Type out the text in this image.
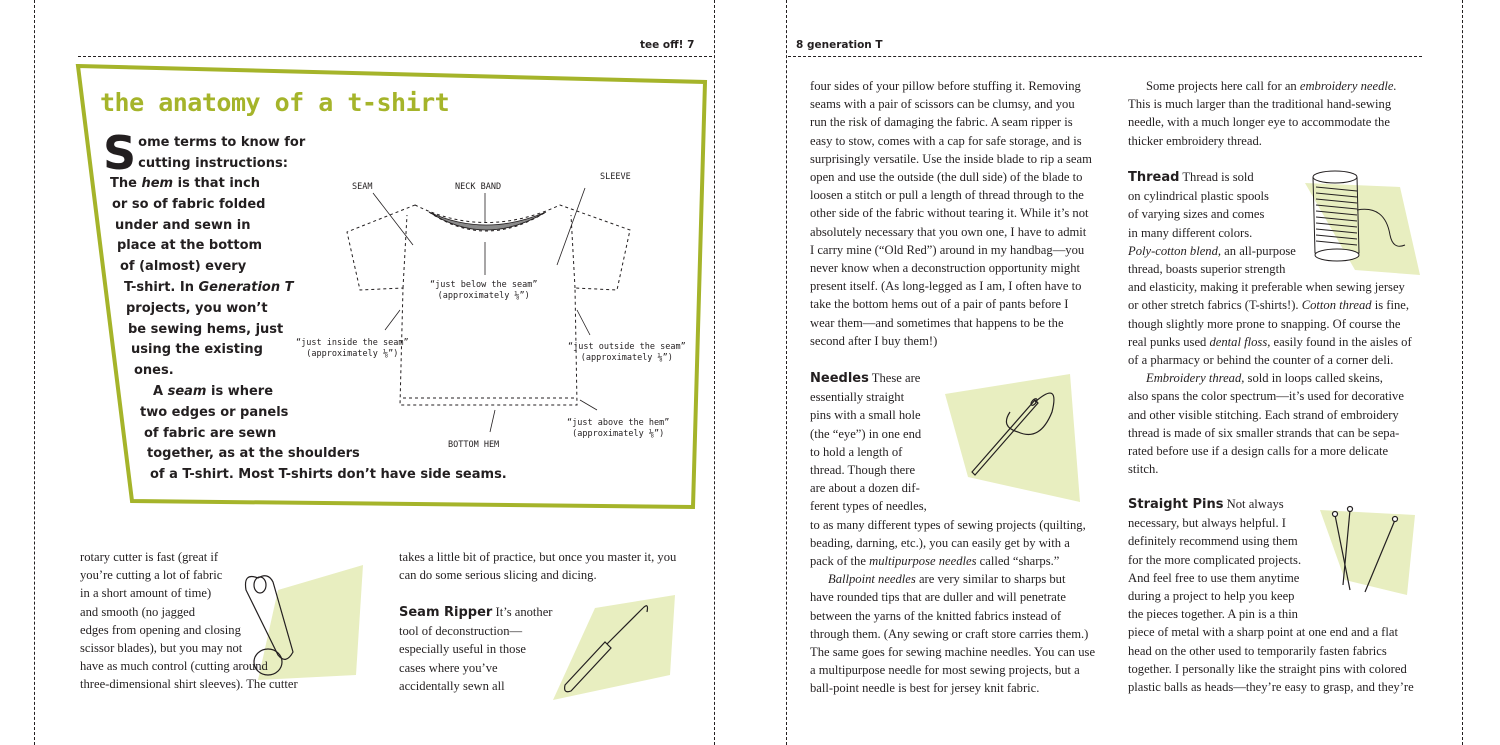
tee off! 7	8 generation T
the anatomy of a t-shirt
S ome terms to know for
cutting instructions:
The hem is that inch
or so of fabric folded
under and sewn in
place at the bottom
of (almost) every
T-shirt. In Generation T
projects, you won’t
be sewing hems, just
using the existing
ones.
A seam is where
two edges or panels
of fabric are sewn
together, as at the shoulders
of a T-shirt. Most T-shirts don’t have side seams.
SEAM	NECK BAND
SLEEVE
“just below the seam”
(approximately ⅛”)
“just inside the seam”
(approximately ⅛”)
“just outside the seam”
(approximately ⅛”)
“just above the hem”
(approximately ⅛”)
BOTTOM HEM
rotary cutter is fast (great if
you’re cutting a lot of fabric
in a short amount of time)
and smooth (no jagged
edges from opening and closing
scissor blades), but you may not
have as much control (cutting around
three-dimensional shirt sleeves). The cutter
takes a little bit of practice, but once you master it, you
can do some serious slicing and dicing.
Seam Ripper It’s another
tool of deconstruction—
especially useful in those
cases where you’ve
accidentally sewn all
four sides of your pillow before stuffing it. Removing
seams with a pair of scissors can be clumsy, and you
run the risk of damaging the fabric. A seam ripper is
easy to stow, comes with a cap for safe storage, and is
surprisingly versatile. Use the inside blade to rip a seam
open and use the outside (the dull side) of the blade to
loosen a stitch or pull a length of thread through to the
other side of the fabric without tearing it. While it’s not
absolutely necessary that you own one, I have to admit
I carry mine (“Old Red”) around in my handbag—you
never know when a deconstruction opportunity might
present itself. (As long-legged as I am, I often have to
take the bottom hems out of a pair of pants before I
wear them—and sometimes that happens to be the
second after I buy them!)
Needles These are
essentially straight
pins with a small hole
(the “eye”) in one end
to hold a length of
thread. Though there
are about a dozen dif-
ferent types of needles,
to as many different types of sewing projects (quilting,
beading, darning, etc.), you can easily get by with a
pack of the multipurpose needles called “sharps.”
Ballpoint needles are very similar to sharps but
have rounded tips that are duller and will penetrate
between the yarns of the knitted fabrics instead of
through them. (Any sewing or craft store carries them.)
The same goes for sewing machine needles. You can use
a multipurpose needle for most sewing projects, but a
ball-point needle is best for jersey knit fabric.
Some projects here call for an embroidery needle.
This is much larger than the traditional hand-sewing
needle, with a much longer eye to accommodate the
thicker embroidery thread.
Thread Thread is sold
on cylindrical plastic spools
of varying sizes and comes
in many different colors.
Poly-cotton blend, an all-purpose
thread, boasts superior strength
and elasticity, making it preferable when sewing jersey
or other stretch fabrics (T-shirts!). Cotton thread is fine,
though slightly more prone to snapping. Of course the
real punks used dental floss, easily found in the aisles of
of a pharmacy or behind the counter of a corner deli.
Embroidery thread, sold in loops called skeins,
also spans the color spectrum—it’s used for decorative
and other visible stitching. Each strand of embroidery
thread is made of six smaller strands that can be sepa-
rated before use if a design calls for a more delicate
stitch.
Straight Pins Not always
necessary, but always helpful. I
definitely recommend using them
for the more complicated projects.
And feel free to use them anytime
during a project to help you keep
the pieces together. A pin is a thin
piece of metal with a sharp point at one end and a flat
head on the other used to temporarily fasten fabrics
together. I personally like the straight pins with colored
plastic balls as heads—they’re easy to grasp, and they’re
